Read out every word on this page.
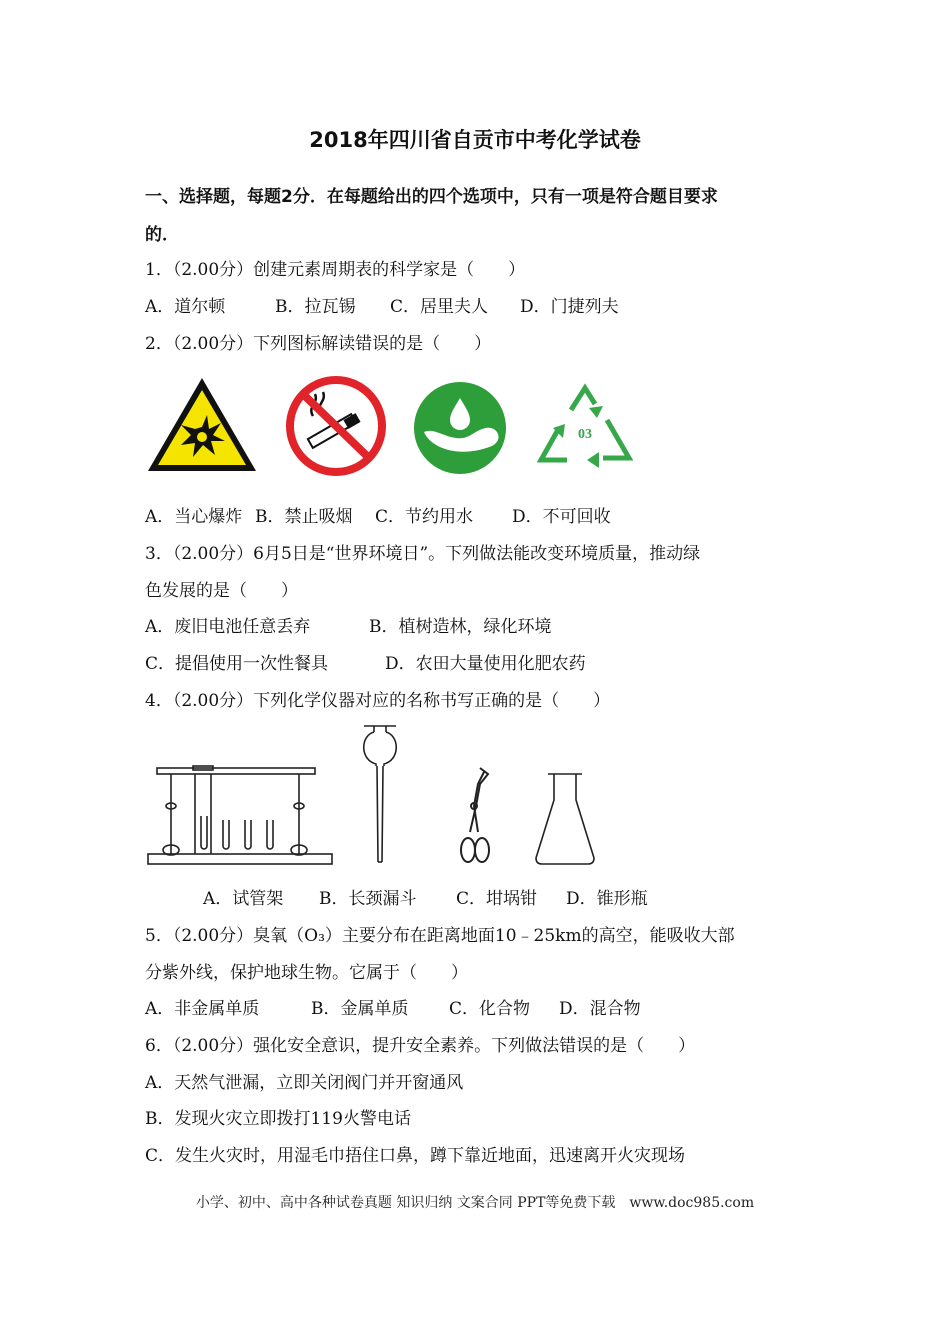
2018年四川省自贡市中考化学试卷
一、选择题，每题2分．在每题给出的四个选项中，只有一项是符合题目要求
的．
1．（2.00分）创建元素周期表的科学家是（　　）
A．道尔顿	B．拉瓦锡 C．居里夫人 D．门捷列夫
2．（2.00分）下列图标解读错误的是（　　）
03
A．当心爆炸 B．禁止吸烟 C．节约用水 D．不可回收
3．（2.00分）6月5日是“世界环境日”。下列做法能改变环境质量，推动绿
色发展的是（　　）
A．废旧电池任意丢弃	B．植树造林，绿化环境
C．提倡使用一次性餐具	D．农田大量使用化肥农药
4．（2.00分）下列化学仪器对应的名称书写正确的是（　　）
A．试管架 B．长颈漏斗 C．坩埚钳 D．锥形瓶
5．（2.00分）臭氧（O₃）主要分布在距离地面10﹣25km的高空，能吸收大部
分紫外线，保护地球生物。它属于（　　）
A．非金属单质	B．金属单质 C．化合物 D．混合物
6．（2.00分）强化安全意识，提升安全素养。下列做法错误的是（　　）
A．天然气泄漏，立即关闭阀门并开窗通风
B．发现火灾立即拨打119火警电话
C．发生火灾时，用湿毛巾捂住口鼻，蹲下靠近地面，迅速离开火灾现场
小学、初中、高中各种试卷真题 知识归纳 文案合同 PPT等免费下载　www.doc985.com
